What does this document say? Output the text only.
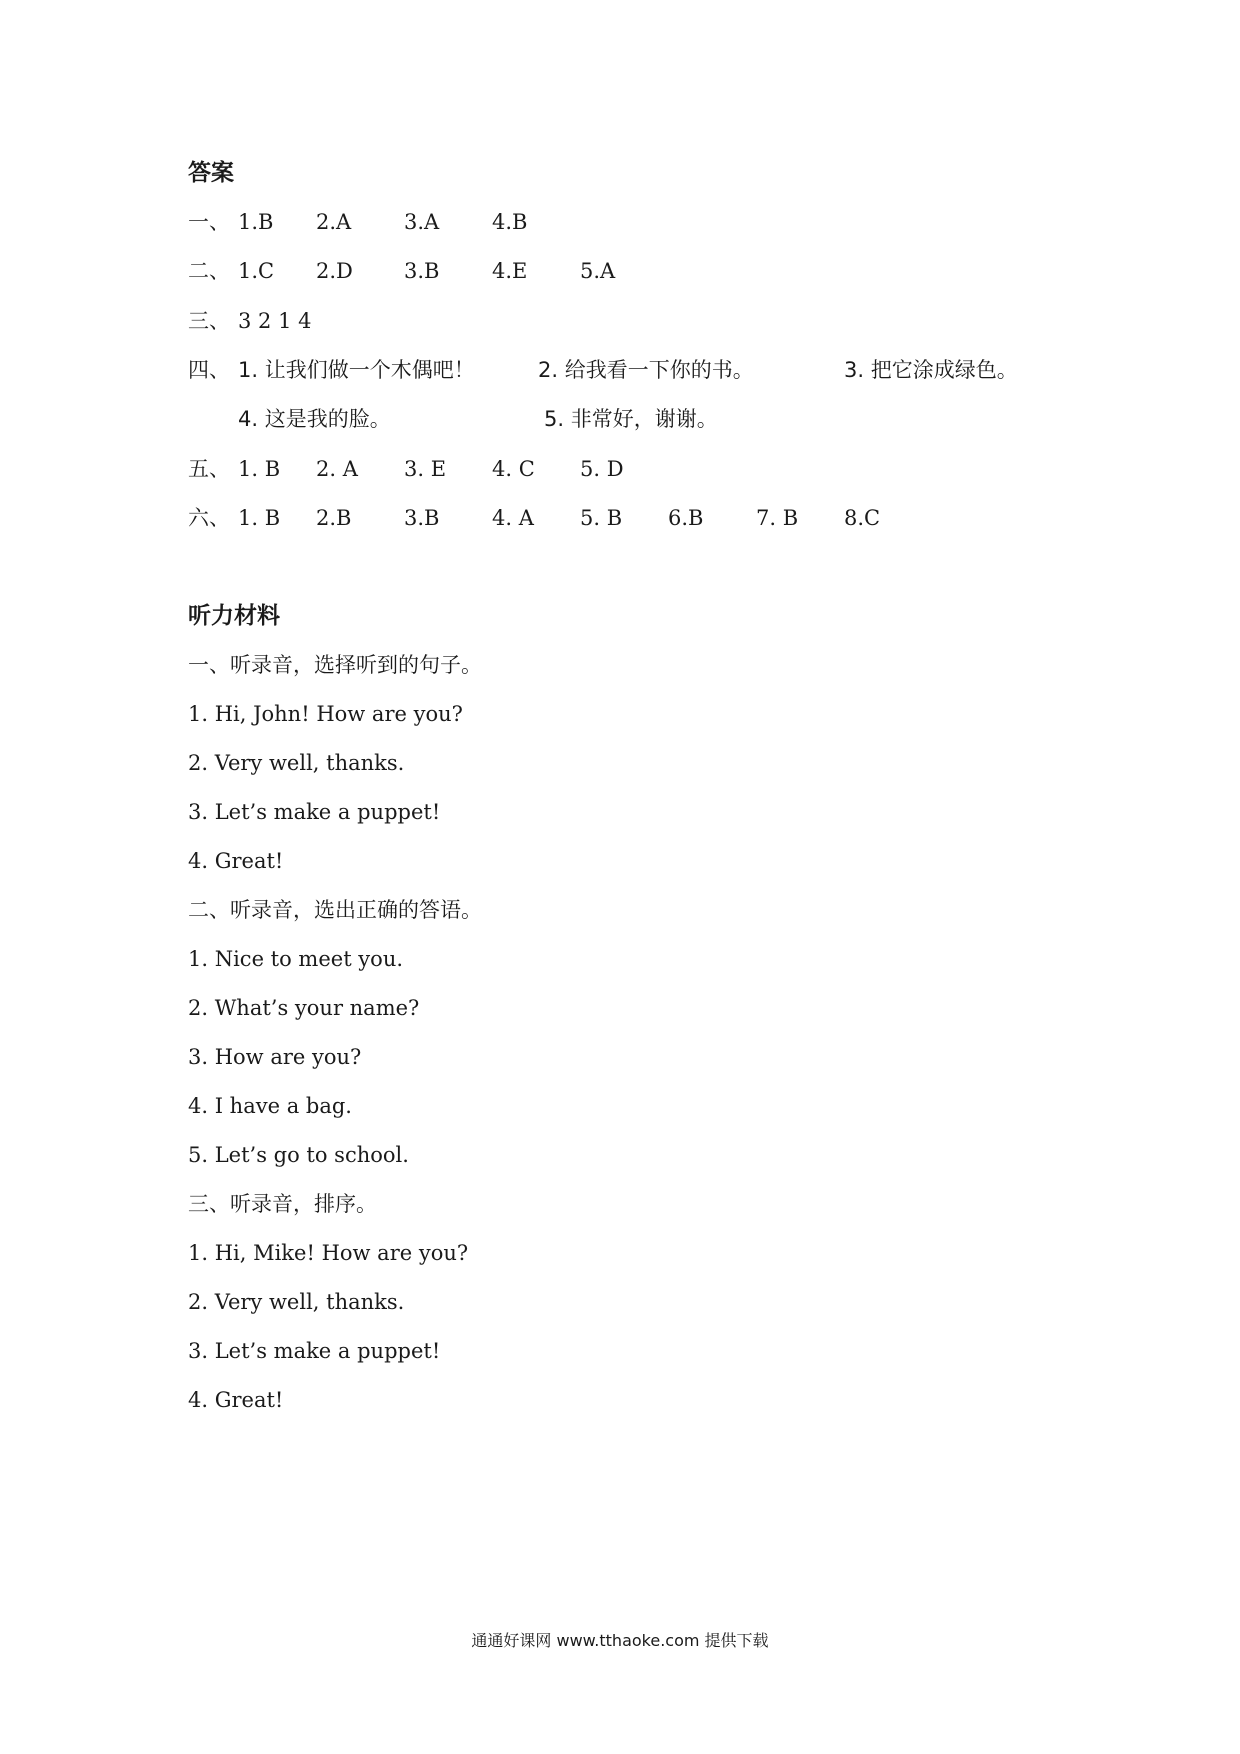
答案
一、 1.B 2.A	3.A	4.B
二、 1.C 2.D 3.B	4.E	5.A
三、 3 2 1 4
四、 1. 让我们做一个木偶吧！	2. 给我看一下你的书。	3. 把它涂成绿色。
4. 这是我的脸。	5. 非常好，谢谢。
五、 1. B 2. A 3. E 4. C 5. D
六、 1. B 2.B	3.B	4. A 5. B 6.B	7. B 8.C
听力材料
一、听录音，选择听到的句子。
1. Hi, John! How are you?
2. Very well, thanks.
3. Let’s make a puppet!
4. Great!
二、听录音，选出正确的答语。
1. Nice to meet you.
2. What’s your name?
3. How are you?
4. I have a bag.
5. Let’s go to school.
三、听录音，排序。
1. Hi, Mike! How are you?
2. Very well, thanks.
3. Let’s make a puppet!
4. Great!
通通好课网 www.tthaoke.com 提供下载
